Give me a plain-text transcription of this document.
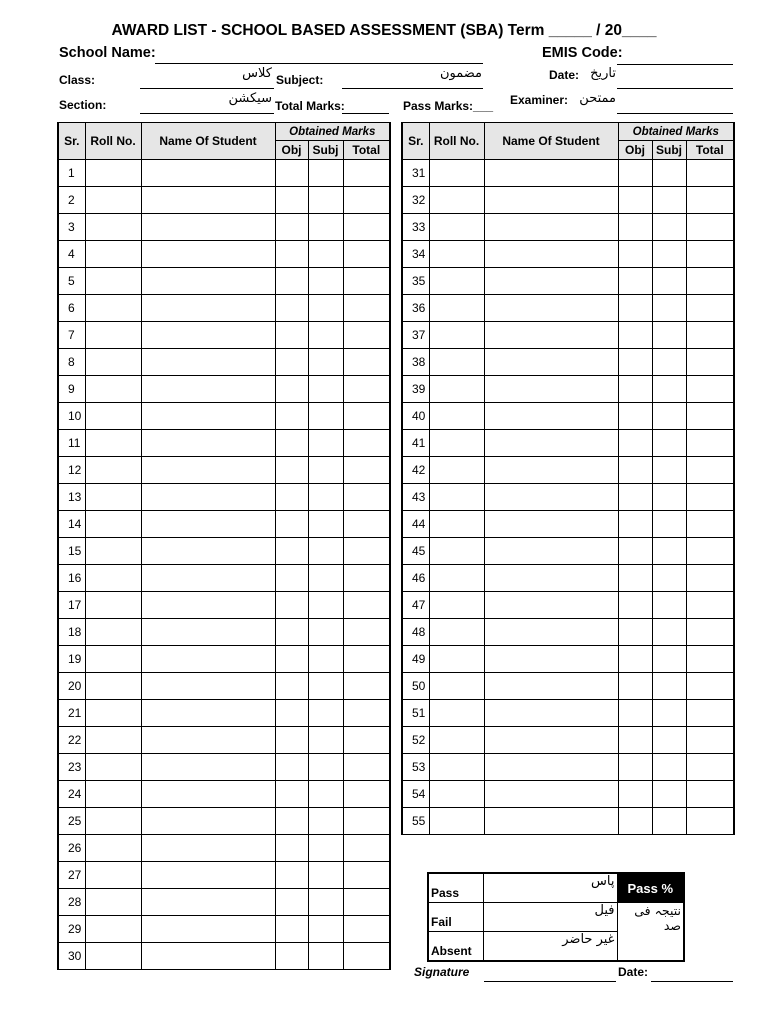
AWARD LIST - SCHOOL BASED ASSESSMENT (SBA) Term _____ / 20____
School Name:	EMIS Code:
Class:	کلاس Subject:	مضمون	Date: تاریخ
Section:	سیکشن Total Marks:	Pass Marks:___ Examiner: ممتحن
Sr.	Roll No.	Name Of Student	Obtained Marks		
			Obj	Subj	Total
1					
2					
3					
4					
5					
6					
7					
8					
9					
10					
11					
12					
13					
14					
15					
16					
17					
18					
19					
20					
21					
22					
23					
24					
25					
26					
27					
28					
29					
30					
Sr.	Roll No.	Name Of Student	Obtained Marks		
			Obj	Subj	Total
31					
32					
33					
34					
35					
36					
37					
38					
39					
40					
41					
42					
43					
44					
45					
46					
47					
48					
49					
50					
51					
52					
53					
54					
55					
Pass	پاس	Pass %
Fail	فیل	نتیجہ فی صد
Absent	غیر حاضر	
Signature	Date:
